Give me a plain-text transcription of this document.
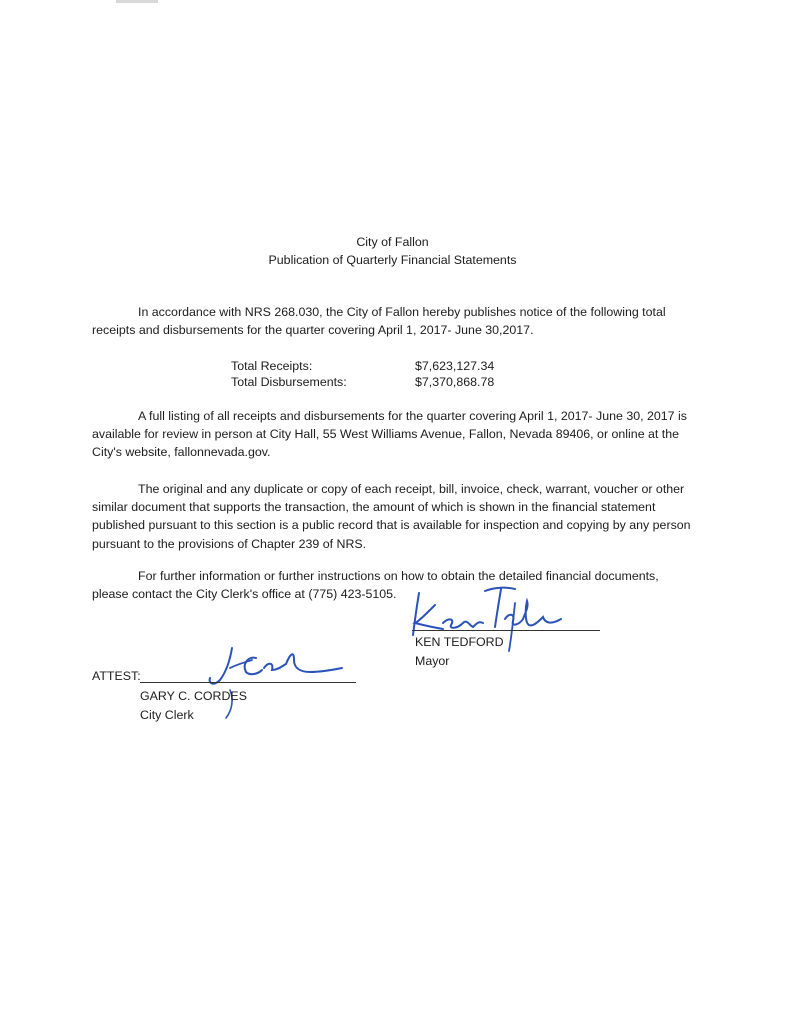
City of Fallon
Publication of Quarterly Financial Statements
In accordance with NRS 268.030, the City of Fallon hereby publishes notice of the following total receipts and disbursements for the quarter covering April 1, 2017- June 30,2017.
Total Receipts:	$7,623,127.34
Total Disbursements:	$7,370,868.78
A full listing of all receipts and disbursements for the quarter covering April 1, 2017- June 30, 2017 is available for review in person at City Hall, 55 West Williams Avenue, Fallon, Nevada 89406, or online at the City's website, fallonnevada.gov.
The original and any duplicate or copy of each receipt, bill, invoice, check, warrant, voucher or other similar document that supports the transaction, the amount of which is shown in the financial statement published pursuant to this section is a public record that is available for inspection and copying by any person pursuant to the provisions of Chapter 239 of NRS.
For further information or further instructions on how to obtain the detailed financial documents, please contact the City Clerk's office at (775) 423-5105.
KEN TEDFORD
Mayor
ATTEST:
GARY C. CORDES
City Clerk
